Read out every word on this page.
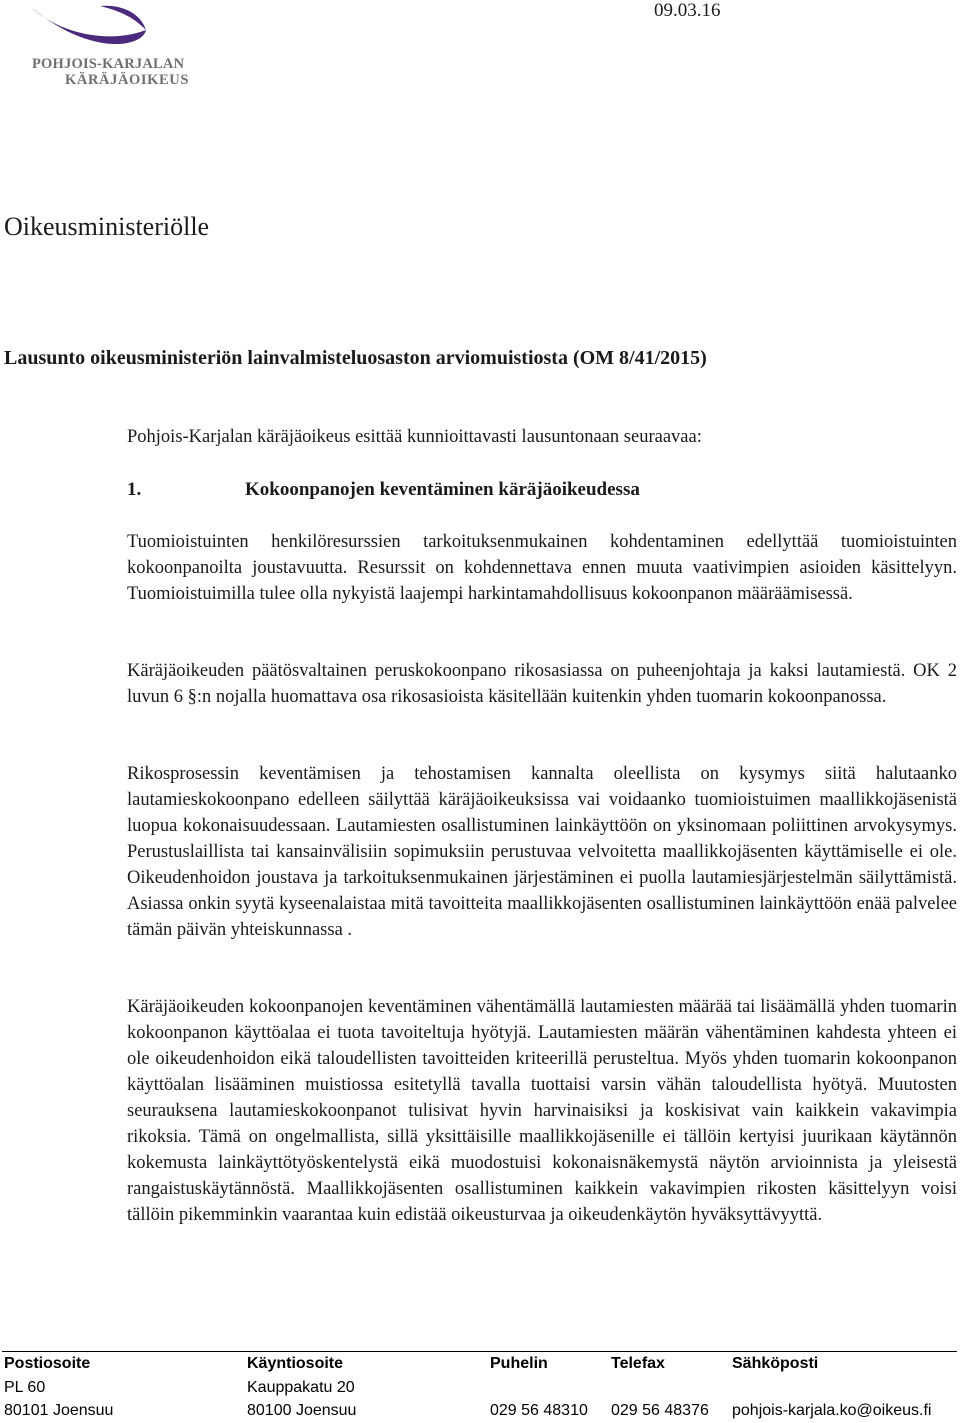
POHJOIS-KARJALAN
KÄRÄJÄOIKEUS
09.03.16
Oikeusministeriölle
Lausunto oikeusministeriön lainvalmisteluosaston arviomuistiosta (OM 8/41/2015)
Pohjois-Karjalan käräjäoikeus esittää kunnioittavasti lausuntonaan seuraavaa:
1.	Kokoonpanojen keventäminen käräjäoikeudessa

Tuomioistuinten henkilöresurssien tarkoituksenmukainen kohdentaminen edellyttää tuomioistuinten kokoonpanoilta joustavuutta. Resurssit on kohdennettava ennen muuta vaativimpien asioiden käsittelyyn. Tuomioistuimilla tulee olla nykyistä laajempi harkintamahdollisuus kokoonpanon määräämisessä.

Käräjäoikeuden päätösvaltainen peruskokoonpano rikosasiassa on puheenjohtaja ja kaksi lautamiestä. OK 2 luvun 6 §:n nojalla huomattava osa rikosasioista käsitellään kuitenkin yhden tuomarin kokoonpanossa.

Rikosprosessin keventämisen ja tehostamisen kannalta oleellista on kysymys siitä halutaanko lautamieskokoonpano edelleen säilyttää käräjäoikeuksissa vai voidaanko tuomioistuimen maallikkojäsenistä luopua kokonaisuudessaan. Lautamiesten osallistuminen lainkäyttöön on yksinomaan poliittinen arvokysymys. Perustuslaillista tai kansainvälisiin sopimuksiin perustuvaa velvoitetta maallikkojäsenten käyttämiselle ei ole. Oikeudenhoidon joustava ja tarkoituksenmukainen järjestäminen ei puolla lautamiesjärjestelmän säilyttämistä. Asiassa onkin syytä kyseenalaistaa mitä tavoitteita maallikkojäsenten osallistuminen lainkäyttöön enää palvelee tämän päivän yhteiskunnassa .

Käräjäoikeuden kokoonpanojen keventäminen vähentämällä lautamiesten määrää tai lisäämällä yhden tuomarin kokoonpanon käyttöalaa ei tuota tavoiteltuja hyötyjä. Lautamiesten määrän vähentäminen kahdesta yhteen ei ole oikeudenhoidon eikä taloudellisten tavoitteiden kriteerillä perusteltua. Myös yhden tuomarin kokoonpanon käyttöalan lisääminen muistiossa esitetyllä tavalla tuottaisi varsin vähän taloudellista hyötyä. Muutosten seurauksena lautamieskokoonpanot tulisivat hyvin harvinaisiksi ja koskisivat vain kaikkein vakavimpia rikoksia. Tämä on ongelmallista, sillä yksittäisille maallikkojäsenille ei tällöin kertyisi juurikaan käytännön kokemusta lainkäyttötyöskentelystä eikä muodostuisi kokonaisnäkemystä näytön arvioinnista ja yleisestä rangaistuskäytännöstä. Maallikkojäsenten osallistuminen kaikkein vakavimpien rikosten käsittelyyn voisi tällöin pikemminkin vaarantaa kuin edistää oikeusturvaa ja oikeudenkäytön hyväksyttävyyttä.

Postiosoite
PL 60
80101 Joensuu
Käyntiosoite
Kauppakatu 20
80100 Joensuu
Puhelin
029 56 48310
Telefax
029 56 48376
Sähköposti
pohjois-karjala.ko@oikeus.fi
